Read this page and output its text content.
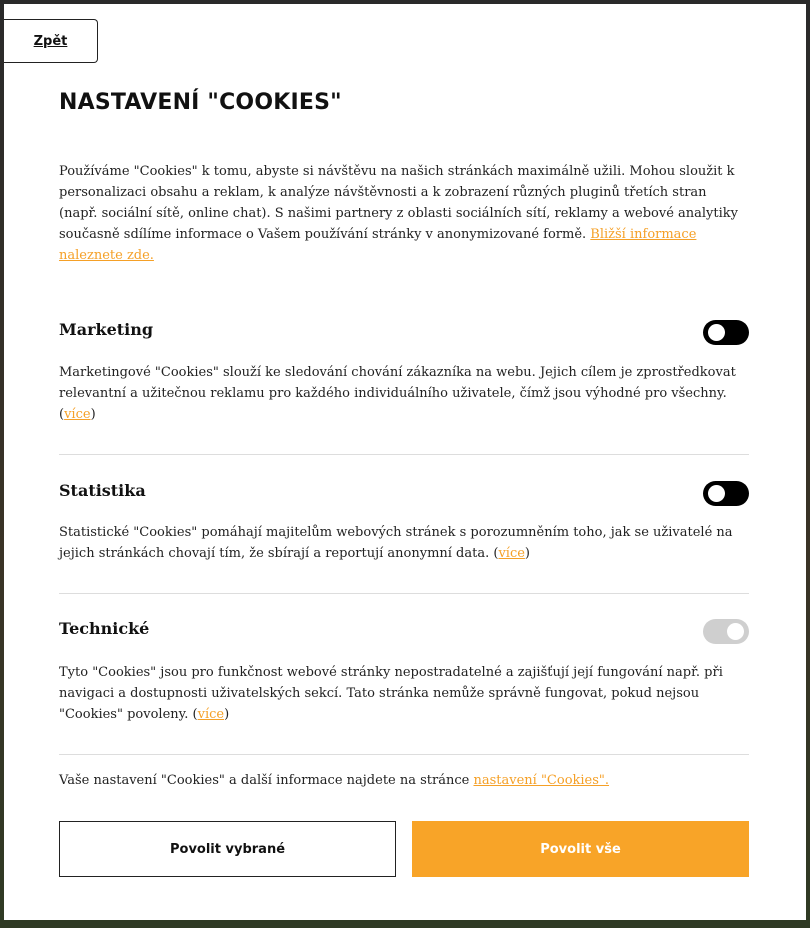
Zpět
NASTAVENÍ "COOKIES"

Používáme "Cookies" k tomu, abyste si návštěvu na našich stránkách maximálně užili. Mohou sloužit k personalizaci obsahu a reklam, k analýze návštěvnosti a k zobrazení různých pluginů třetích stran (např. sociální sítě, online chat). S našimi partnery z oblasti sociálních sítí, reklamy a webové analytiky současně sdílíme informace o Vašem používání stránky v anonymizované formě. Bližší informace naleznete zde.

Marketing

Marketingové "Cookies" slouží ke sledování chování zákazníka na webu. Jejich cílem je zprostředkovat relevantní a užitečnou reklamu pro každého individuálního uživatele, čímž jsou výhodné pro všechny. (více)

Statistika

Statistické "Cookies" pomáhají majitelům webových stránek s porozumněním toho, jak se uživatelé na jejich stránkách chovají tím, že sbírají a reportují anonymní data. (více)

Technické

Tyto "Cookies" jsou pro funkčnost webové stránky nepostradatelné a zajišťují její fungování např. při navigaci a dostupnosti uživatelských sekcí. Tato stránka nemůže správně fungovat, pokud nejsou "Cookies" povoleny. (více)

Vaše nastavení "Cookies" a další informace najdete na stránce nastavení "Cookies".

Povolit vybrané	Povolit vše
